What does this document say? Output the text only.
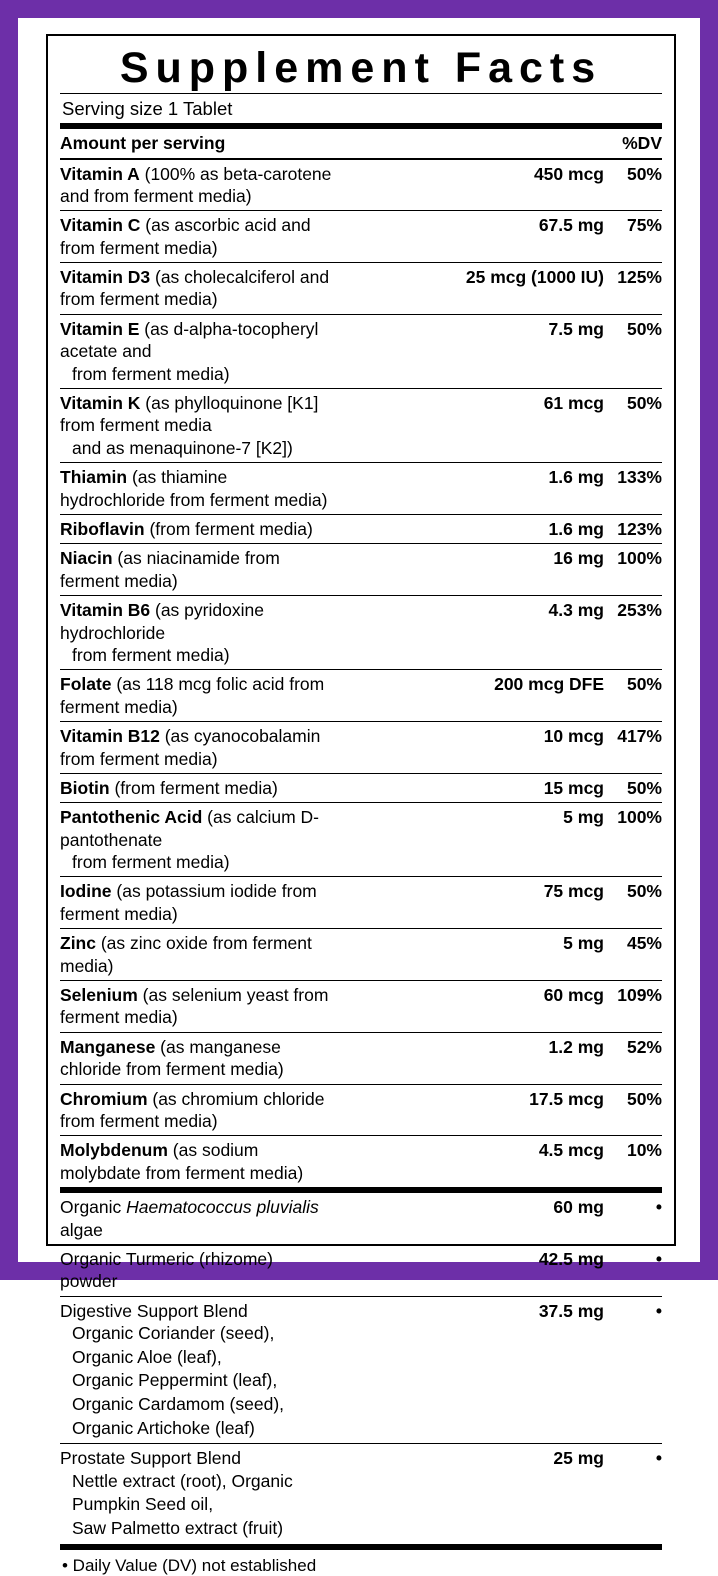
Supplement Facts
Serving size 1 Tablet
Amount per serving		%DV
Vitamin A (100% as beta-carotene and from ferment media)	450 mcg	50%

Vitamin C (as ascorbic acid and from ferment media)	67.5 mg	75%

Vitamin D3 (as cholecalciferol and from ferment media)	25 mcg (1000 IU)	125%

Vitamin E (as d-alpha-tocopheryl acetate and
from ferment media)	7.5 mg	50%

Vitamin K (as phylloquinone [K1] from ferment media
and as menaquinone-7 [K2])	61 mcg	50%

Thiamin (as thiamine hydrochloride from ferment media)	1.6 mg	133%

Riboflavin (from ferment media)	1.6 mg	123%

Niacin (as niacinamide from ferment media)	16 mg	100%

Vitamin B6 (as pyridoxine hydrochloride
from ferment media)	4.3 mg	253%

Folate (as 118 mcg folic acid from ferment media)	200 mcg DFE	50%

Vitamin B12 (as cyanocobalamin from ferment media)	10 mcg	417%

Biotin (from ferment media)	15 mcg	50%

Pantothenic Acid (as calcium D-pantothenate
from ferment media)	5 mg	100%

Iodine (as potassium iodide from ferment media)	75 mcg	50%

Zinc (as zinc oxide from ferment media)	5 mg	45%

Selenium (as selenium yeast from ferment media)	60 mcg	109%

Manganese (as manganese chloride from ferment media)	1.2 mg	52%

Chromium (as chromium chloride from ferment media)	17.5 mcg	50%

Molybdenum (as sodium molybdate from ferment media)	4.5 mcg	10%
Organic Haematococcus pluvialis algae	60 mg	•

Organic Turmeric (rhizome) powder	42.5 mg	•

Digestive Support Blend
Organic Coriander (seed), Organic Aloe (leaf),
Organic Peppermint (leaf), Organic Cardamom (seed),
Organic Artichoke (leaf)	37.5 mg	•

Prostate Support Blend
Nettle extract (root), Organic Pumpkin Seed oil,
Saw Palmetto extract (fruit)	25 mg	•
• Daily Value (DV) not established
